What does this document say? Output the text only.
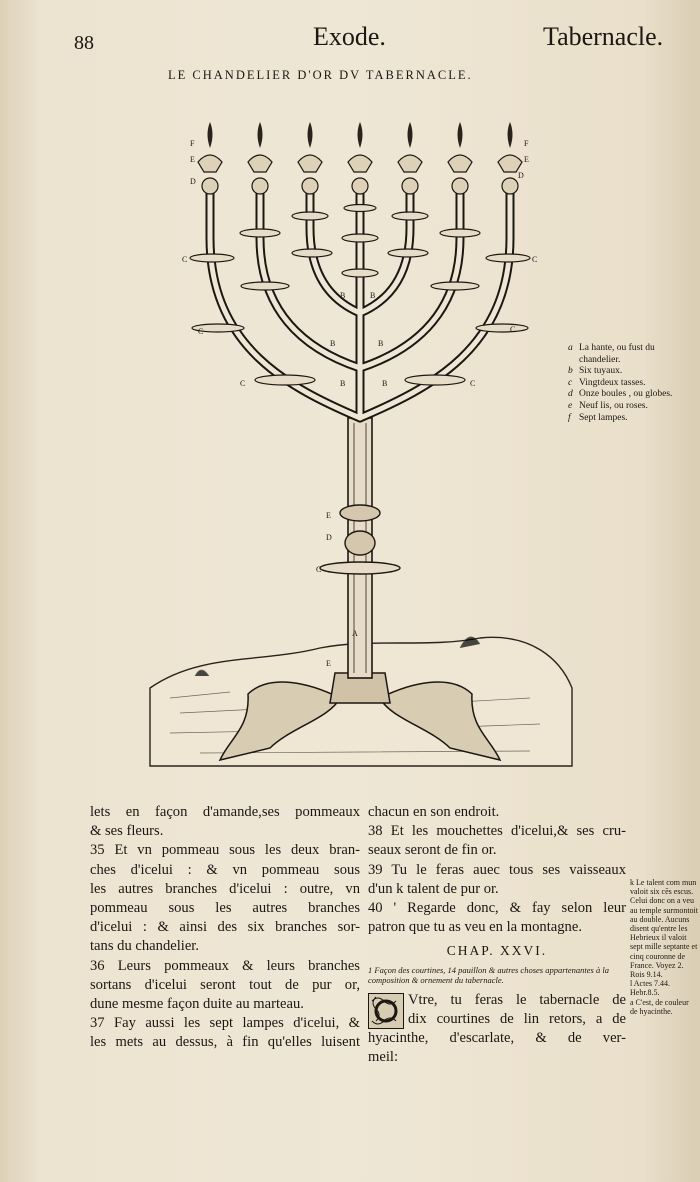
88	Exode.	Tabernacle.
LE CHANDELIER D'OR DV TABERNACLE.
F
E
D
C
C
C
B	B
B	B
B	B
C
C
C
E
F
D
A
E
E
D
C
a La hante, ou fust du chandelier.
b Six tuyaux.
c Vingtdeux tasses.
d Onze boules , ou globes.
e Neuf lis, ou roses.
f Sept lampes.
lets en façon d'amande,ses pommeaux
& ses fleurs.
35 Et vn pommeau sous les deux bran-
ches d'icelui : & vn pommeau sous
les autres branches d'icelui : outre, vn
pommeau sous les autres branches
d'icelui : & ainsi des six branches sor-
tans du chandelier.
36 Leurs pommeaux & leurs branches
sortans d'icelui seront tout de pur or,
dune mesme façon duite au marteau.
37 Fay aussi les sept lampes d'icelui, &
les mets au dessus, à fin qu'elles luisent
chacun en son endroit.
38 Et les mouchettes d'icelui,& ses cru-
seaux seront de fin or.
39 Tu le feras auec tous ses vaisseaux
d'un k talent de pur or.
40 ' Regarde donc, & fay selon leur
patron que tu as veu en la montagne.
CHAP. XXVI.
1 Façon des courtines, 14 pauillon & autres choses appartenantes à la composition & ornement du tabernacle.
Vtre, tu feras le tabernacle de
dix courtines de lin retors, a de
hyacinthe, d'escarlate, & de ver-
meil:
k Le talent com mun valoit six cēs escus. Celui donc on a veu au temple surmontoit au double. Aucuns disent qu'entre les Hebrieux il valoit sept mille septante et cinq couronne de France. Voyez 2. Rois 9.14.
l Actes 7.44. Hebr.8.5.
a C'est, de couleur de hyacinthe.
